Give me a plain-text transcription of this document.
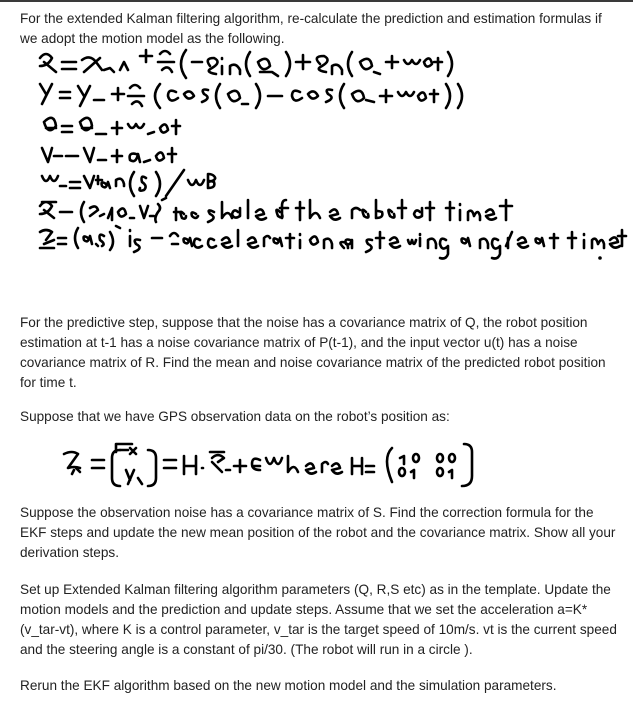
For the extended Kalman filtering algorithm, re-calculate the prediction and estimation formulas if we adopt the motion model as the following.

For the predictive step, suppose that the noise has a covariance matrix of Q, the robot position estimation at t-1 has a noise covariance matrix of P(t-1), and the input vector u(t) has a noise covariance matrix of R. Find the mean and noise covariance matrix of the predicted robot position for time t.

Suppose that we have GPS observation data on the robot’s position as:

Suppose the observation noise has a covariance matrix of S. Find the correction formula for the EKF steps and update the new mean position of the robot and the covariance matrix. Show all your derivation steps.

Set up Extended Kalman filtering algorithm parameters (Q, R,S etc) as in the template. Update the motion models and the prediction and update steps. Assume that we set the acceleration a=K*(v_tar-vt), where K is a control parameter, v_tar is the target speed of 10m/s. vt is the current speed and the steering angle is a constant of pi/30. (The robot will run in a circle ).

Rerun the EKF algorithm based on the new motion model and the simulation parameters.
